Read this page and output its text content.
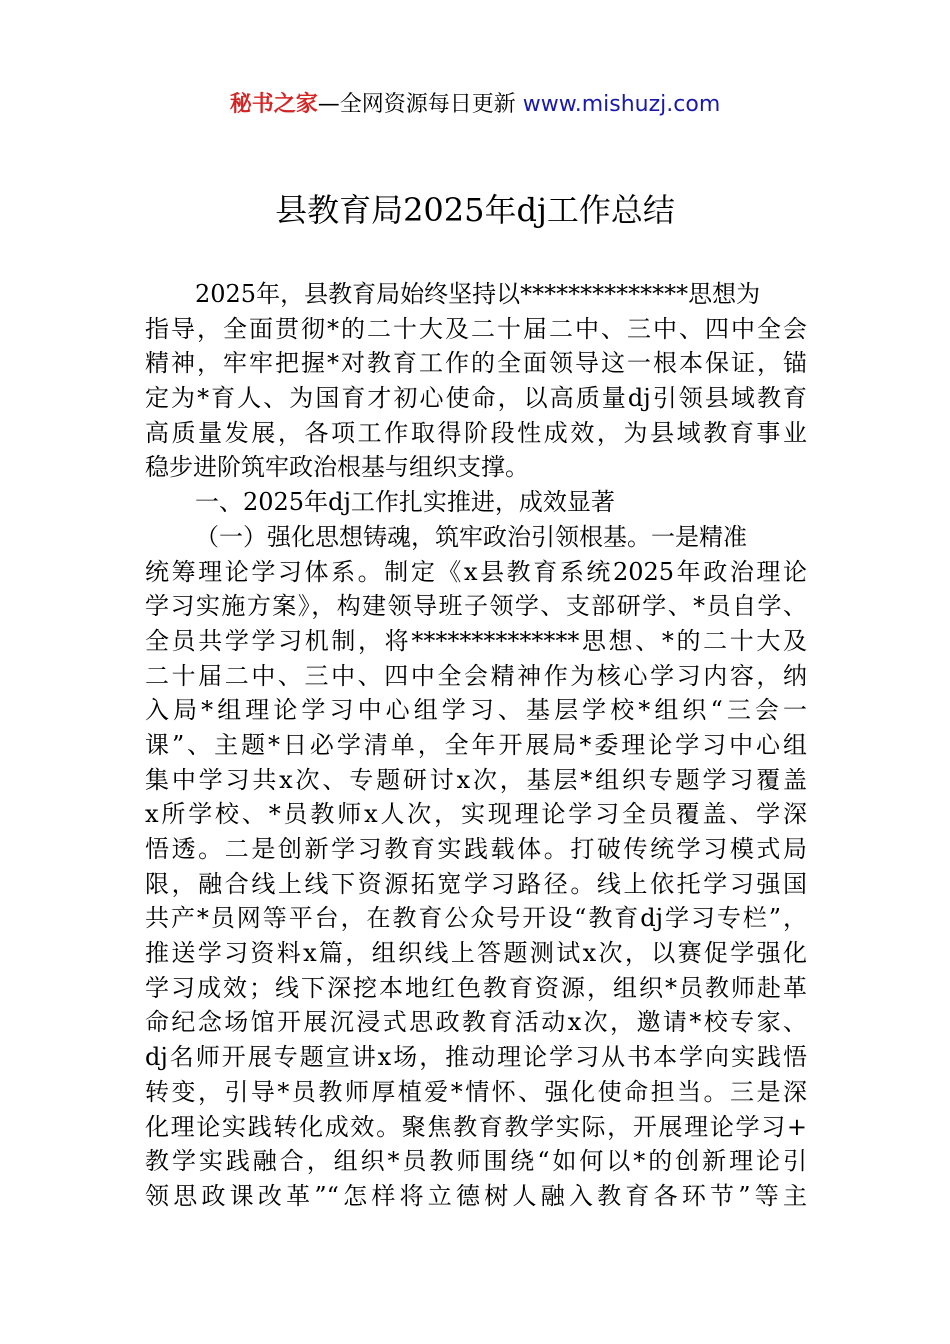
秘书之家—全网资源每日更新 www.mishuzj.com
县教育局2025年dj工作总结
2025年，县教育局始终坚持以**************思想为
指导，全面贯彻*的二十大及二十届二中、三中、四中全会
精神，牢牢把握*对教育工作的全面领导这一根本保证，锚
定为*育人、为国育才初心使命，以高质量dj引领县域教育
高质量发展，各项工作取得阶段性成效，为县域教育事业
稳步进阶筑牢政治根基与组织支撑。
一、2025年dj工作扎实推进，成效显著
（一）强化思想铸魂，筑牢政治引领根基。一是精准
统筹理论学习体系。制定《x县教育系统2025年政治理论
学习实施方案》，构建领导班子领学、支部研学、*员自学、
全员共学学习机制，将**************思想、*的二十大及
二十届二中、三中、四中全会精神作为核心学习内容，纳
入局*组理论学习中心组学习、基层学校*组织“三会一
课”、主题*日必学清单，全年开展局*委理论学习中心组
集中学习共x次、专题研讨x次，基层*组织专题学习覆盖
x所学校、*员教师x人次，实现理论学习全员覆盖、学深
悟透。二是创新学习教育实践载体。打破传统学习模式局
限，融合线上线下资源拓宽学习路径。线上依托学习强国
共产*员网等平台，在教育公众号开设“教育dj学习专栏”，
推送学习资料x篇，组织线上答题测试x次，以赛促学强化
学习成效；线下深挖本地红色教育资源，组织*员教师赴革
命纪念场馆开展沉浸式思政教育活动x次，邀请*校专家、
dj名师开展专题宣讲x场，推动理论学习从书本学向实践悟
转变，引导*员教师厚植爱*情怀、强化使命担当。三是深
化理论实践转化成效。聚焦教育教学实际，开展理论学习+
教学实践融合，组织*员教师围绕“如何以*的创新理论引
领思政课改革”“怎样将立德树人融入教育各环节”等主
